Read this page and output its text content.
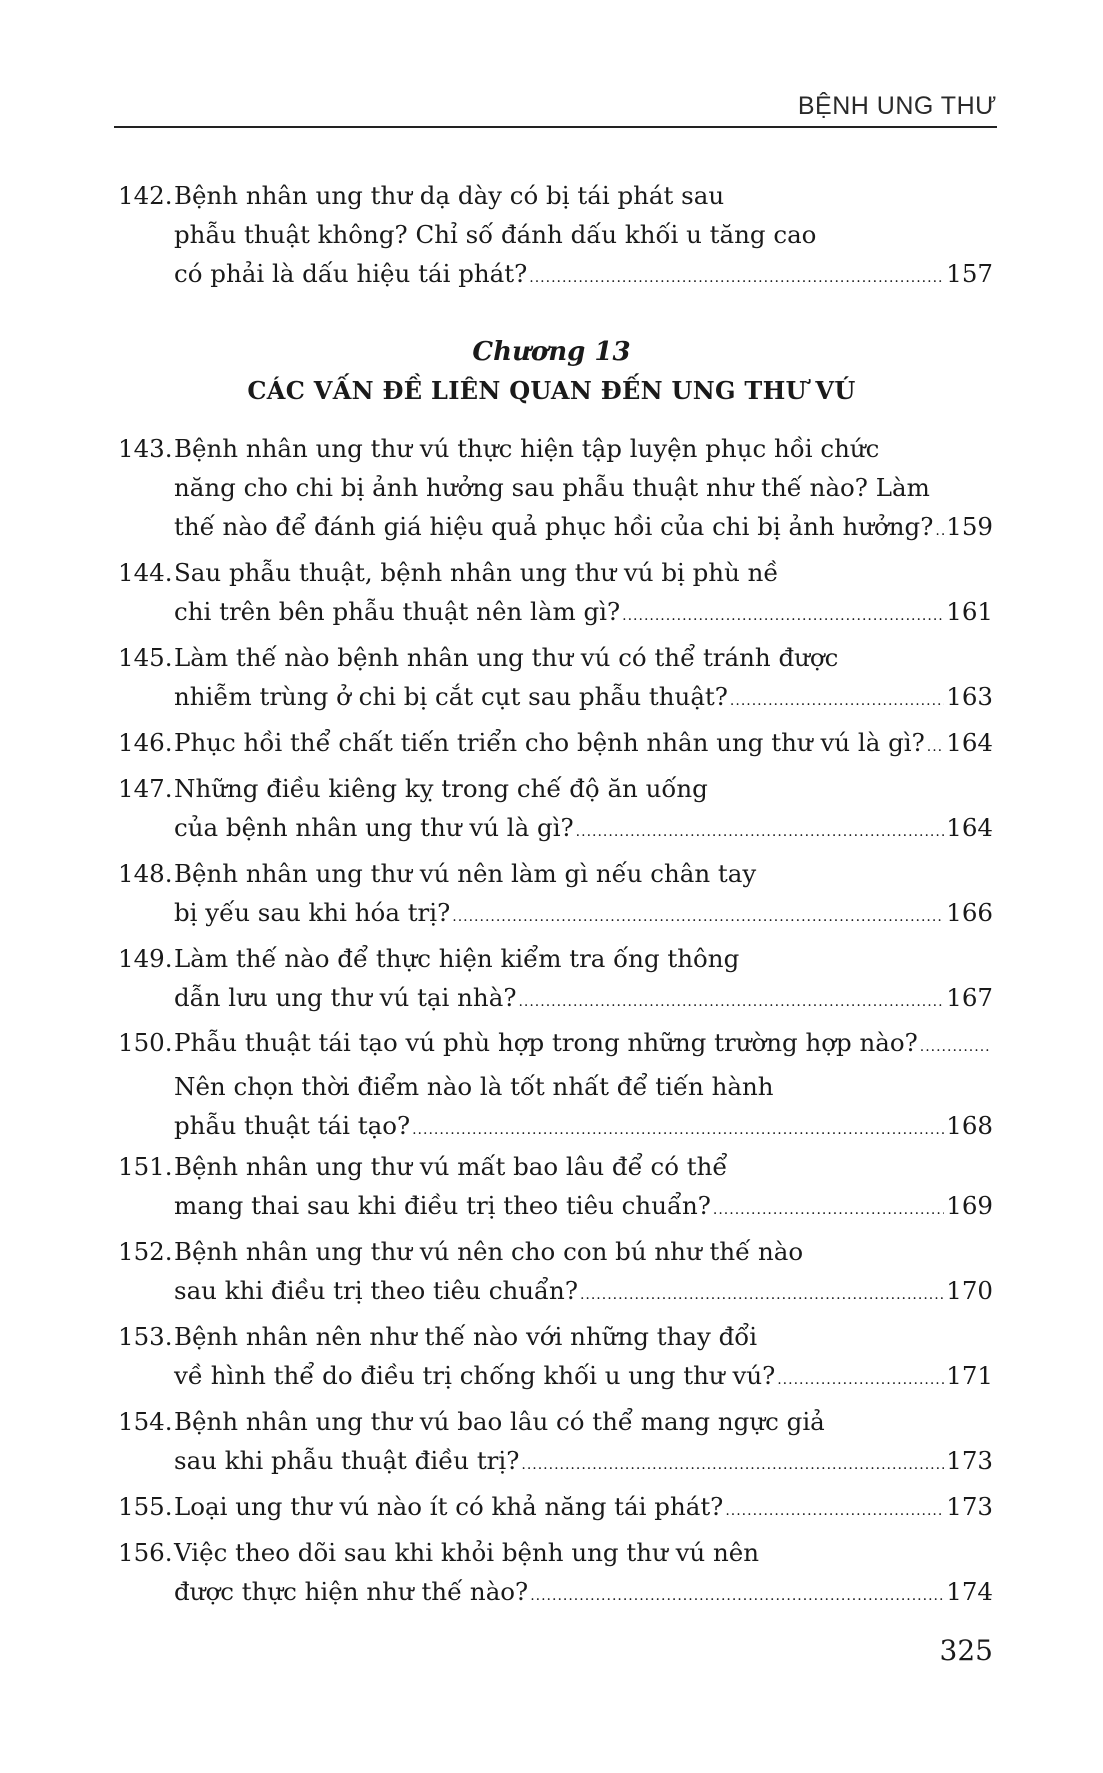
BỆNH UNG THƯ
142. Bệnh nhân ung thư dạ dày có bị tái phát sau
phẫu thuật không? Chỉ số đánh dấu khối u tăng cao
có phải là dấu hiệu tái phát? .....	157
Chương 13
CÁC VẤN ĐỀ LIÊN QUAN ĐẾN UNG THƯ VÚ
143. Bệnh nhân ung thư vú thực hiện tập luyện phục hồi chức
năng cho chi bị ảnh hưởng sau phẫu thuật như thế nào? Làm
thế nào để đánh giá hiệu quả phục hồi của chi bị ảnh hưởng? ..... 159
144. Sau phẫu thuật, bệnh nhân ung thư vú bị phù nề
chi trên bên phẫu thuật nên làm gì? .....	161
145. Làm thế nào bệnh nhân ung thư vú có thể tránh được
nhiễm trùng ở chi bị cắt cụt sau phẫu thuật? .....	163
146. Phục hồi thể chất tiến triển cho bệnh nhân ung thư vú là gì? ..... 164
147. Những điều kiêng kỵ trong chế độ ăn uống
của bệnh nhân ung thư vú là gì? .....	164
148. Bệnh nhân ung thư vú nên làm gì nếu chân tay
bị yếu sau khi hóa trị? .....	166
149. Làm thế nào để thực hiện kiểm tra ống thông
dẫn lưu ung thư vú tại nhà? .....	167
150. Phẫu thuật tái tạo vú phù hợp trong những trường hợp nào?
.....
Nên chọn thời điểm nào là tốt nhất để tiến hành
phẫu thuật tái tạo? .....	168
151. Bệnh nhân ung thư vú mất bao lâu để có thể
mang thai sau khi điều trị theo tiêu chuẩn? .....	169
152. Bệnh nhân ung thư vú nên cho con bú như thế nào
sau khi điều trị theo tiêu chuẩn? .....	170
153. Bệnh nhân nên như thế nào với những thay đổi
về hình thể do điều trị chống khối u ung thư vú? .....	171
154. Bệnh nhân ung thư vú bao lâu có thể mang ngực giả
sau khi phẫu thuật điều trị? .....	173
155. Loại ung thư vú nào ít có khả năng tái phát? .....	173
156. Việc theo dõi sau khi khỏi bệnh ung thư vú nên
được thực hiện như thế nào? .....	174
325
